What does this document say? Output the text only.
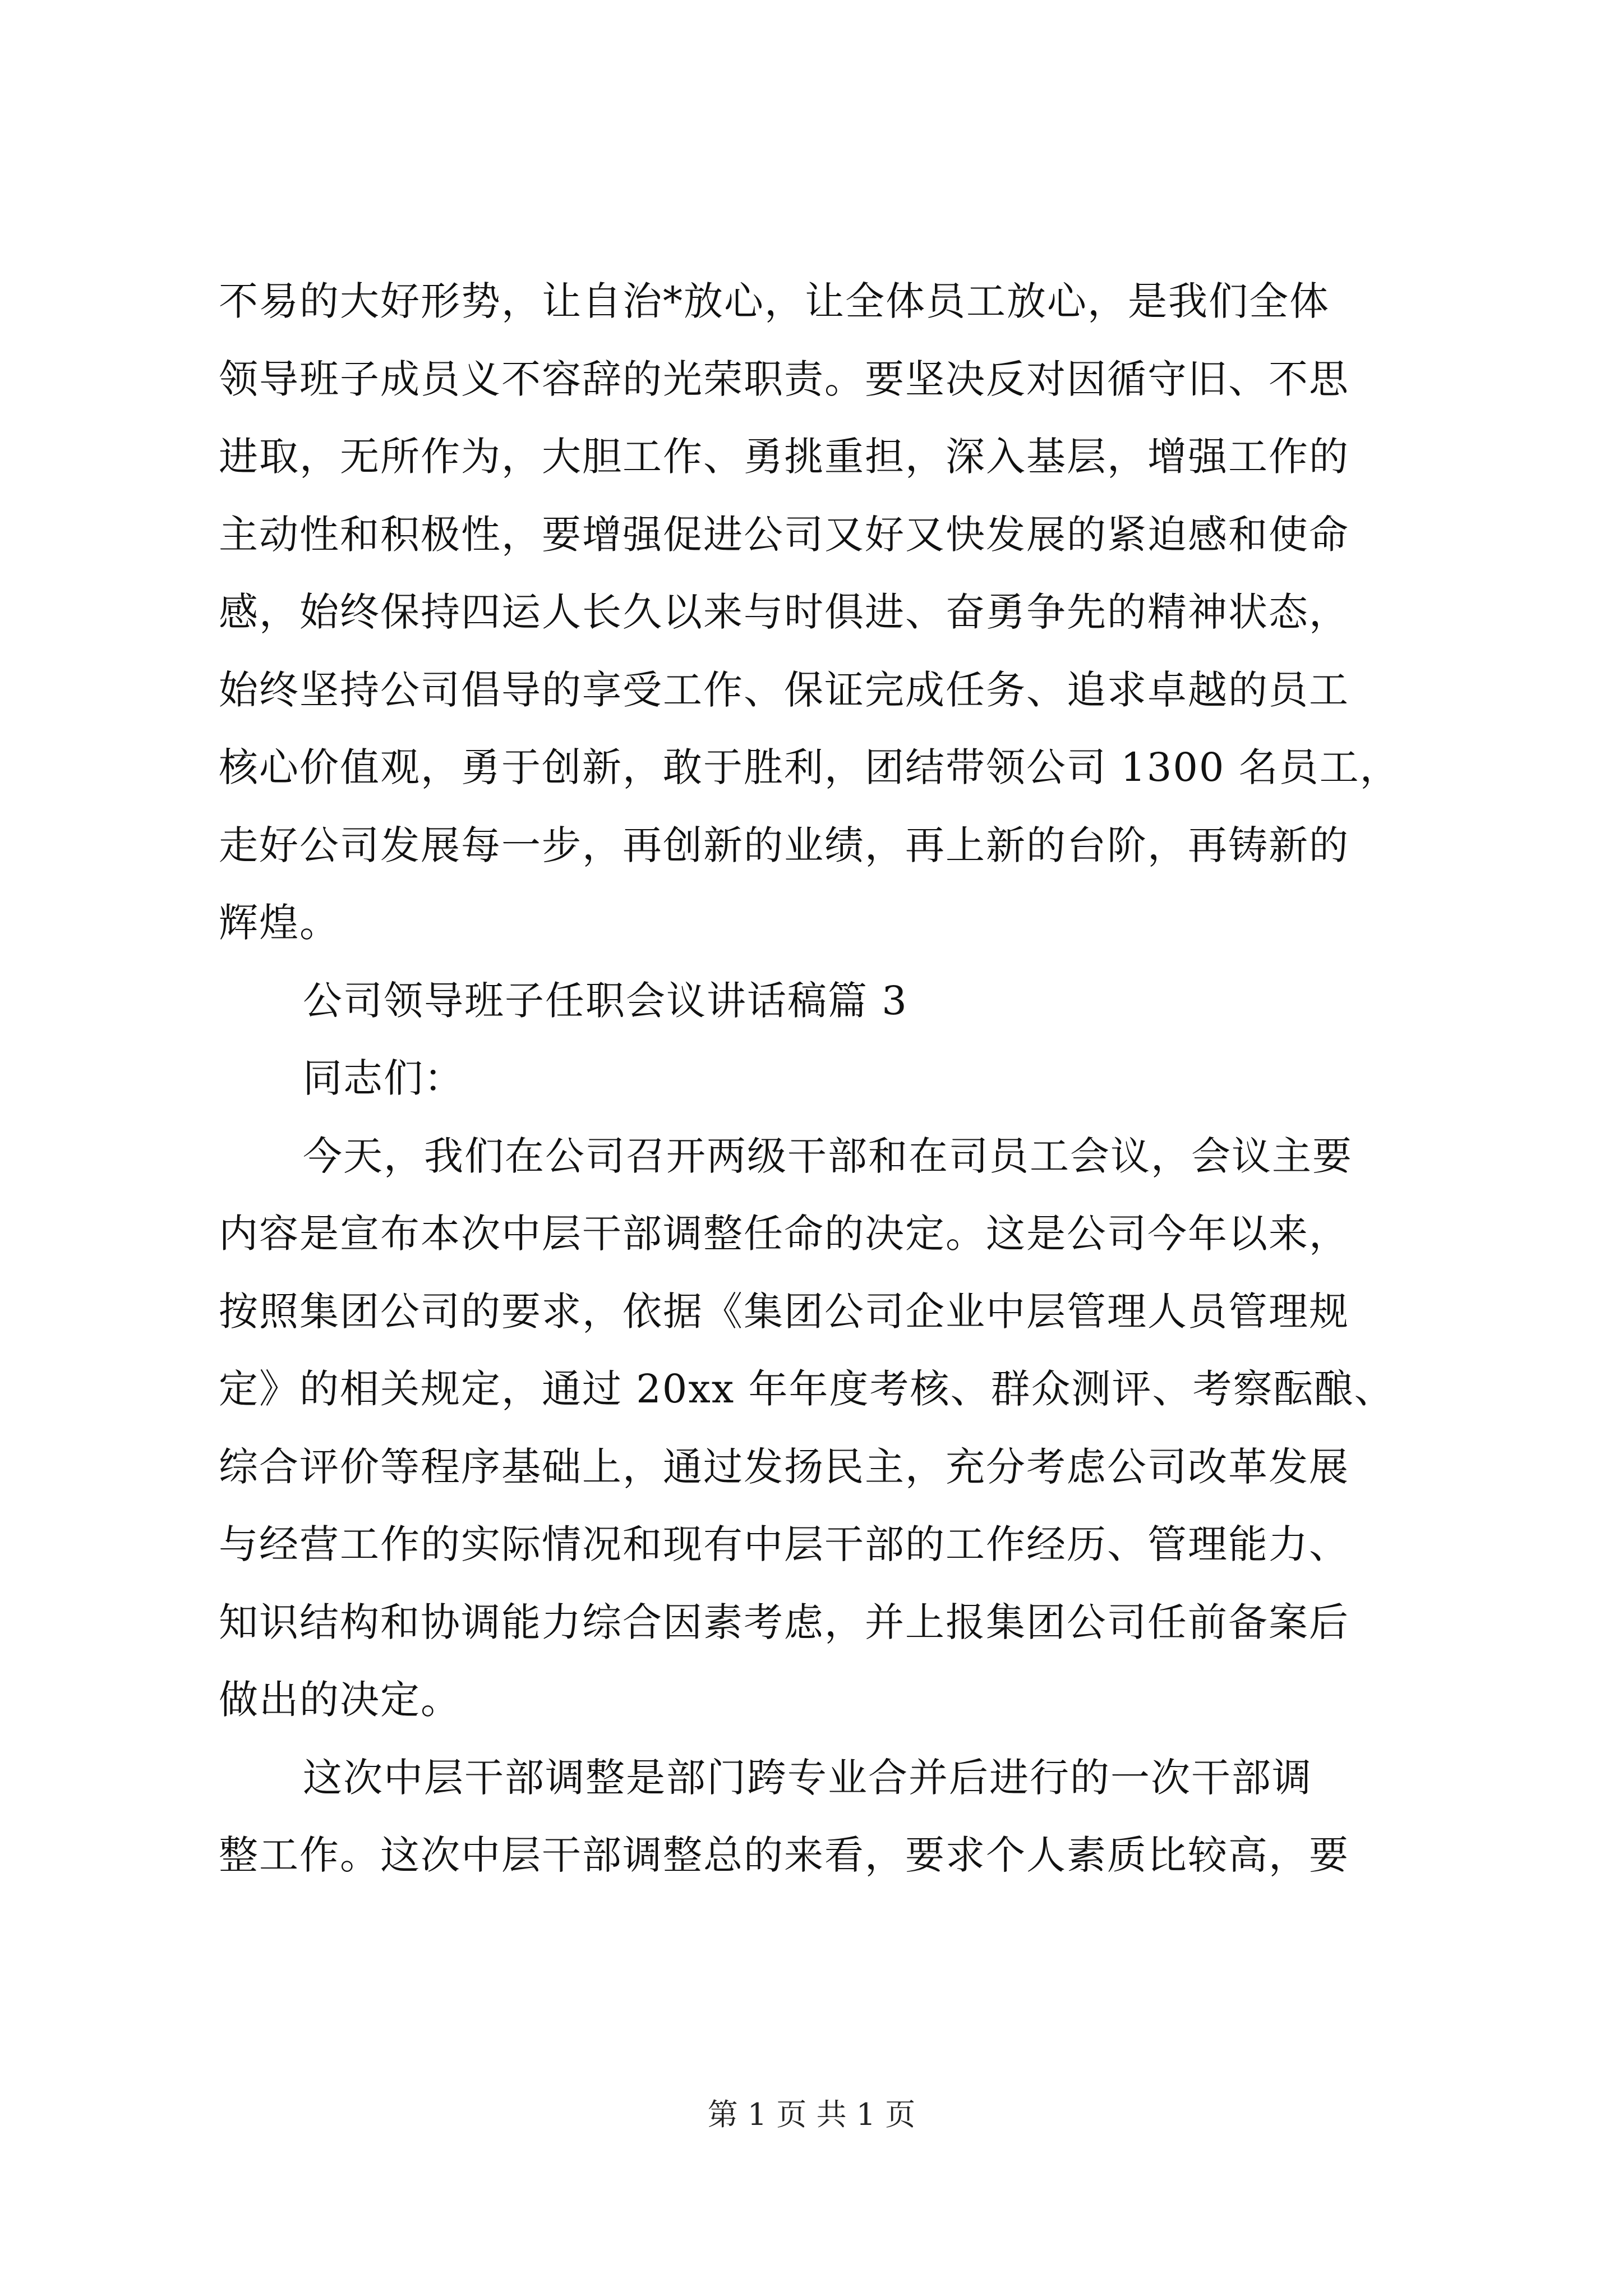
不易的大好形势，让自治*放心，让全体员工放心，是我们全体
领导班子成员义不容辞的光荣职责。要坚决反对因循守旧、不思
进取，无所作为，大胆工作、勇挑重担，深入基层，增强工作的
主动性和积极性，要增强促进公司又好又快发展的紧迫感和使命
感，始终保持四运人长久以来与时俱进、奋勇争先的精神状态，
始终坚持公司倡导的享受工作、保证完成任务、追求卓越的员工
核心价值观，勇于创新，敢于胜利，团结带领公司 1300 名员工，
走好公司发展每一步，再创新的业绩，再上新的台阶，再铸新的
辉煌。
公司领导班子任职会议讲话稿篇 3
同志们：
今天，我们在公司召开两级干部和在司员工会议，会议主要
内容是宣布本次中层干部调整任命的决定。这是公司今年以来，
按照集团公司的要求，依据《集团公司企业中层管理人员管理规
定》的相关规定，通过 20xx 年年度考核、群众测评、考察酝酿、
综合评价等程序基础上，通过发扬民主，充分考虑公司改革发展
与经营工作的实际情况和现有中层干部的工作经历、管理能力、
知识结构和协调能力综合因素考虑，并上报集团公司任前备案后
做出的决定。
这次中层干部调整是部门跨专业合并后进行的一次干部调
整工作。这次中层干部调整总的来看，要求个人素质比较高，要
第 1 页 共 1 页
